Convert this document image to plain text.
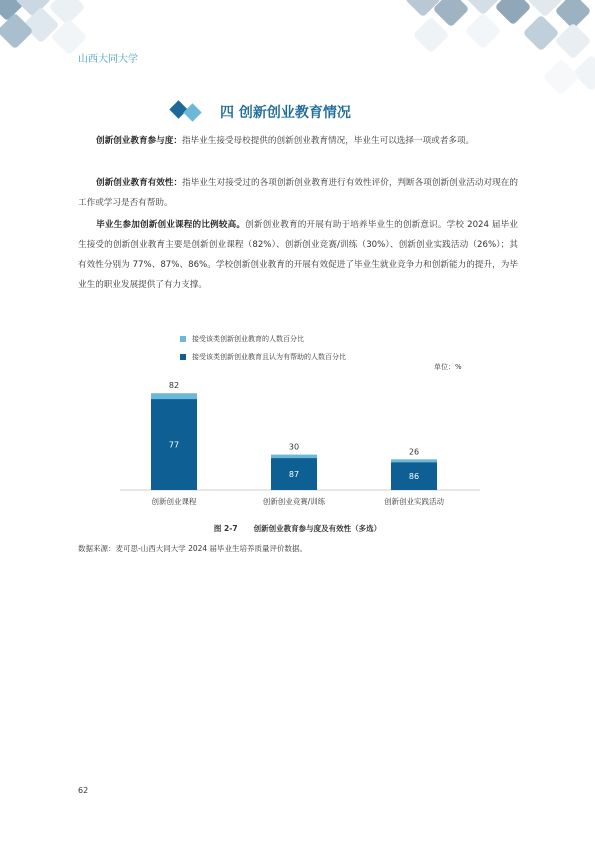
山西大同大学
四 创新创业教育情况

创新创业教育参与度：指毕业生接受母校提供的创新创业教育情况，毕业生可以选择一项或者多项。

创新创业教育有效性：指毕业生对接受过的各项创新创业教育进行有效性评价，判断各项创新创业活动对现在的工作或学习是否有帮助。

毕业生参加创新创业课程的比例较高。创新创业教育的开展有助于培养毕业生的创新意识。学校 2024 届毕业生接受的创新创业教育主要是创新创业课程（82%）、创新创业竞赛/训练（30%）、创新创业实践活动（26%）；其有效性分别为 77%、87%、86%。学校创新创业教育的开展有效促进了毕业生就业竞争力和创新能力的提升，为毕业生的职业发展提供了有力支撑。

接受该类创新创业教育的人数百分比
接受该类创新创业教育且认为有帮助的人数百分比
单位：%
82
77
创新创业课程
30
87
创新创业竞赛/训练
26
86
创新创业实践活动
图 2-7 创新创业教育参与度及有效性（多选）
数据来源：麦可思-山西大同大学 2024 届毕业生培养质量评价数据。
62
